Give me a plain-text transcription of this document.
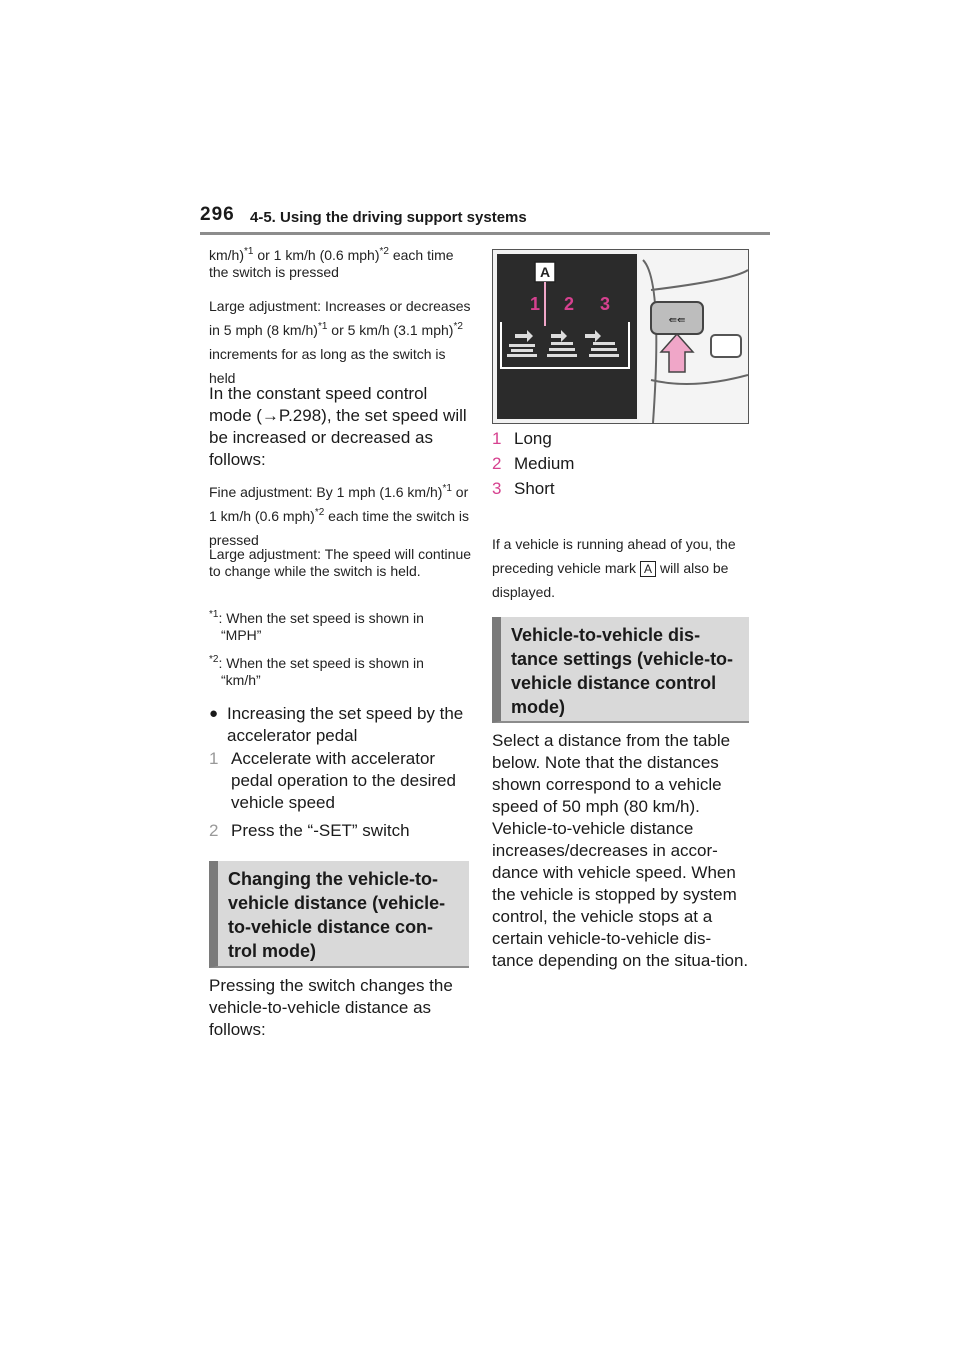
296 4-5. Using the driving support systems
km/h)$^{*1}$ or 1 km/h (0.6 mph)$^{*2}$ each time the switch is pressed
Large adjustment: Increases or decreases in 5 mph (8 km/h)$^{*1}$ or 5 km/h (3.1 mph)$^{*2}$ increments for as long as the switch is held
In the constant speed control mode (→P.298), the set speed will be increased or decreased as follows:
Fine adjustment: By 1 mph (1.6 km/h)$^{*1}$ or 1 km/h (0.6 mph)$^{*2}$ each time the switch is pressed
Large adjustment: The speed will continue to change while the switch is held.
$^{*1}$: When the set speed is shown in
“MPH”
$^{*2}$: When the set speed is shown in
“km/h”
● Increasing the set speed by the accelerator pedal
1 Accelerate with accelerator pedal operation to the desired vehicle speed
2 Press the “-SET” switch
Changing the vehicle-to-vehicle distance (vehicle-to-vehicle distance con-trol mode)
Pressing the switch changes the vehicle-to-vehicle distance as follows:
⇚⇚
A
1 2 3
1 Long
2 Medium
3 Short
If a vehicle is running ahead of you, the preceding vehicle mark A will also be displayed.
Vehicle-to-vehicle dis-tance settings (vehicle-to-vehicle distance control mode)
Select a distance from the table below. Note that the distances shown correspond to a vehicle speed of 50 mph (80 km/h). Vehicle-to-vehicle distance increases/decreases in accor-dance with vehicle speed. When the vehicle is stopped by system control, the vehicle stops at a certain vehicle-to-vehicle dis-tance depending on the situa-tion.
